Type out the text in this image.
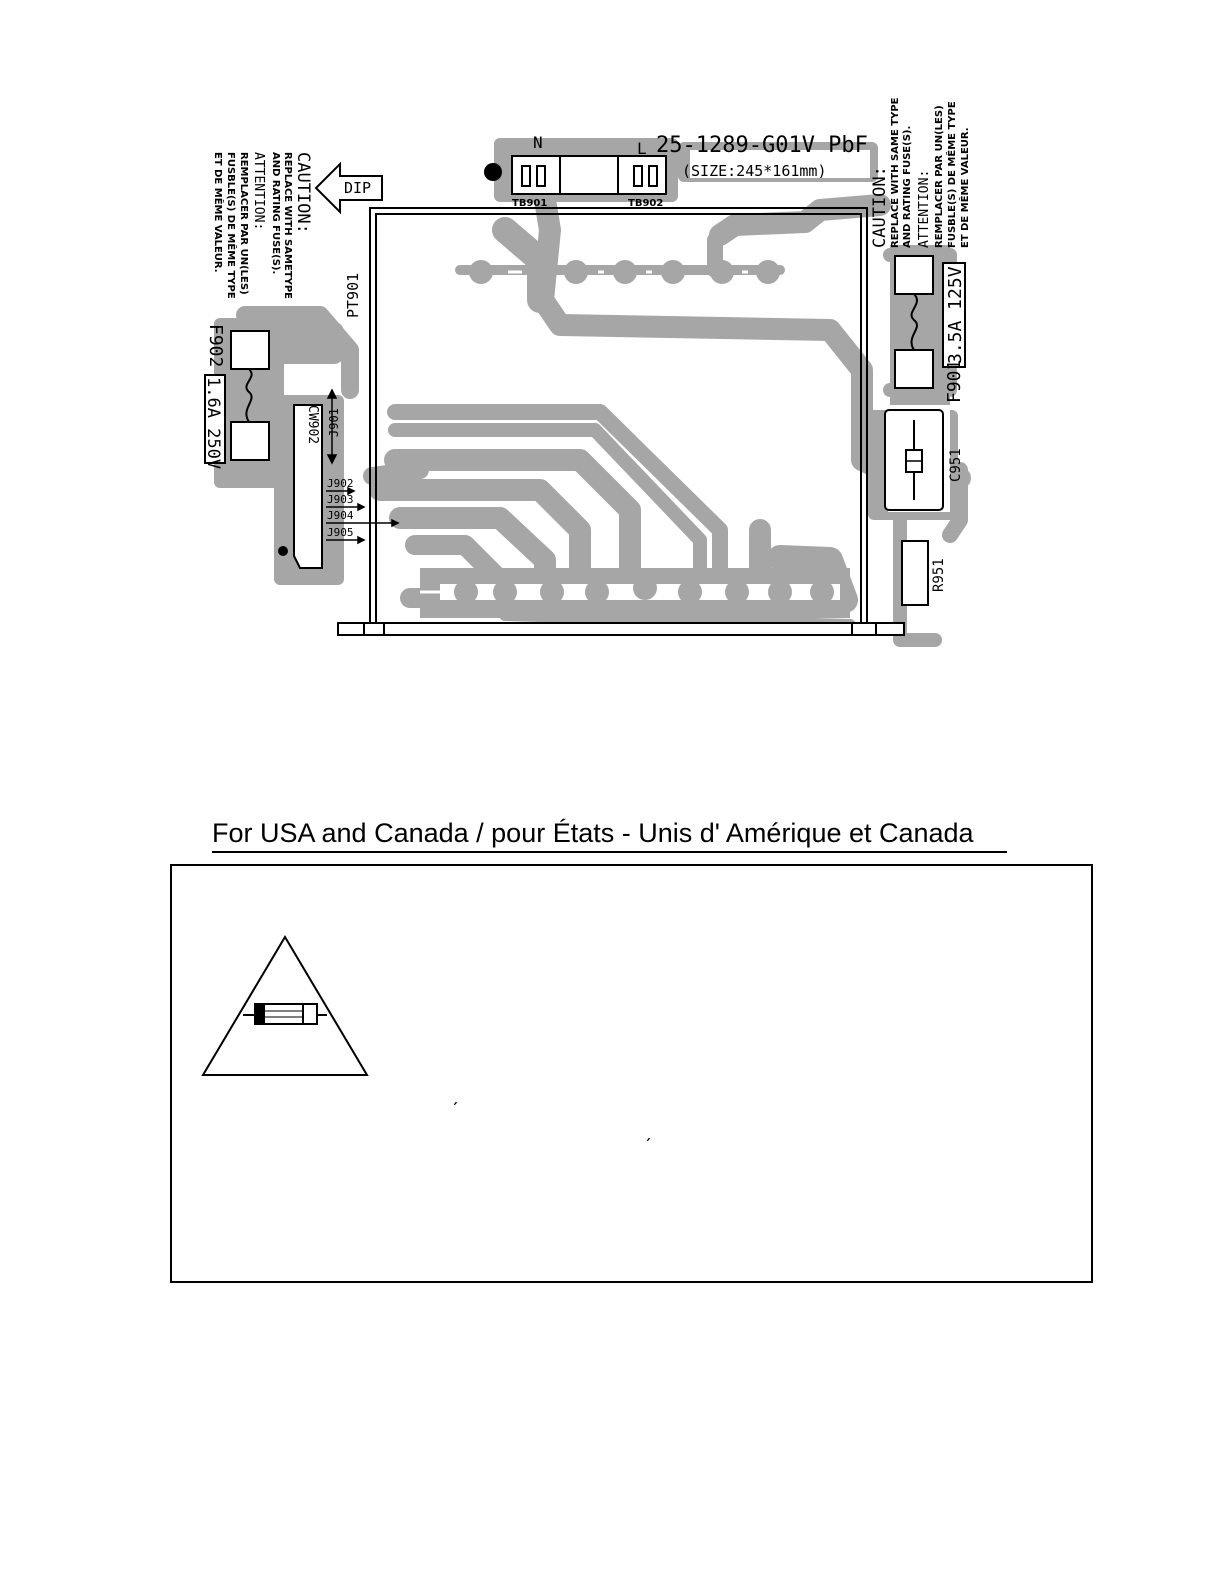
N	L 25-1289-G01V PbF
(SIZE:245*161mm)
TB901	TB902
DIP
PT901
CW902 J901
J902
J903
J904
J905
C951
R951
F902
1.6A 250V	F901
3.5A 125V
CAUTION:
REPLACE WITH SAMETYPE
AND RATING FUSE(S).
ATTENTION:
REMPLACER PAR UN(LES)
FUSBLE(S) DE MÊME TYPE
ET DE MÊME VALEUR.	CAUTION: REPLACE WITH SAME TYPE AND RATING FUSE(S). ATTENTION: REMPLACER PAR UN(LES) FUSBLE(S) DE MÊME TYPE ET DE MÊME VALEUR.
For USA and Canada / pour États - Unis d' Amérique et Canada
ˊ
ˊ
